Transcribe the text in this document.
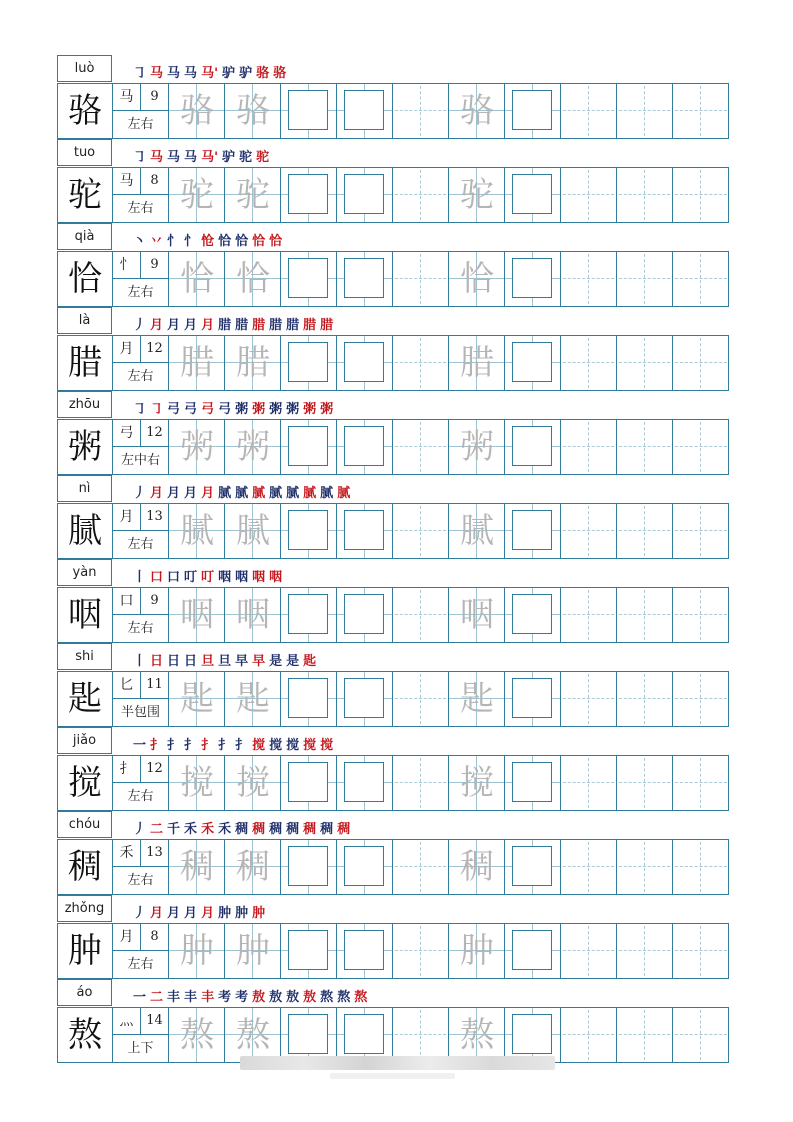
luò	㇆ 马 马 马 马' 驴 驴 骆 骆
骆	马	9
左右 骆 骆	骆
tuo	㇆ 马 马 马 马' 驴 驼 驼
驼	马	8
左右 驼 驼	驼
qià	丶 丷 忄 忄 怆 恰 恰 恰 恰
恰	忄	9
左右 恰 恰	恰
là	丿 月 月 月 月 腊 腊 腊 腊 腊 腊 腊
腊	月 12
左右 腊 腊	腊
zhōu	㇆ ㇆ 弓 弓 弓 弓 粥 粥 粥 粥 粥 粥
粥	弓 12
左中右 粥 粥	粥
nì	丿 月 月 月 月 腻 腻 腻 腻 腻 腻 腻 腻
腻	月 13
左右 腻 腻	腻
yàn	丨 口 口 叮 叮 咽 咽 咽 咽
咽	口	9
左右 咽 咽	咽
shi	丨 日 日 日 旦 旦 早 早 是 是 匙
匙	匕 11
半包围 匙 匙	匙
jiǎo	一 扌 扌 扌 扌 扌 扌 搅 搅 搅 搅 搅
搅	扌 12
左右 搅 搅	搅
chóu	丿 二 千 禾 禾 禾 稠 稠 稠 稠 稠 稠 稠
稠	禾 13
左右 稠 稠	稠
zhǒng	丿 月 月 月 月 肿 肿 肿
肿	月	8
左右 肿 肿	肿
áo	一 二 丰 丰 丰 考 考 敖 敖 敖 敖 熬 熬 熬
熬	灬 14
上下 熬 熬	熬
